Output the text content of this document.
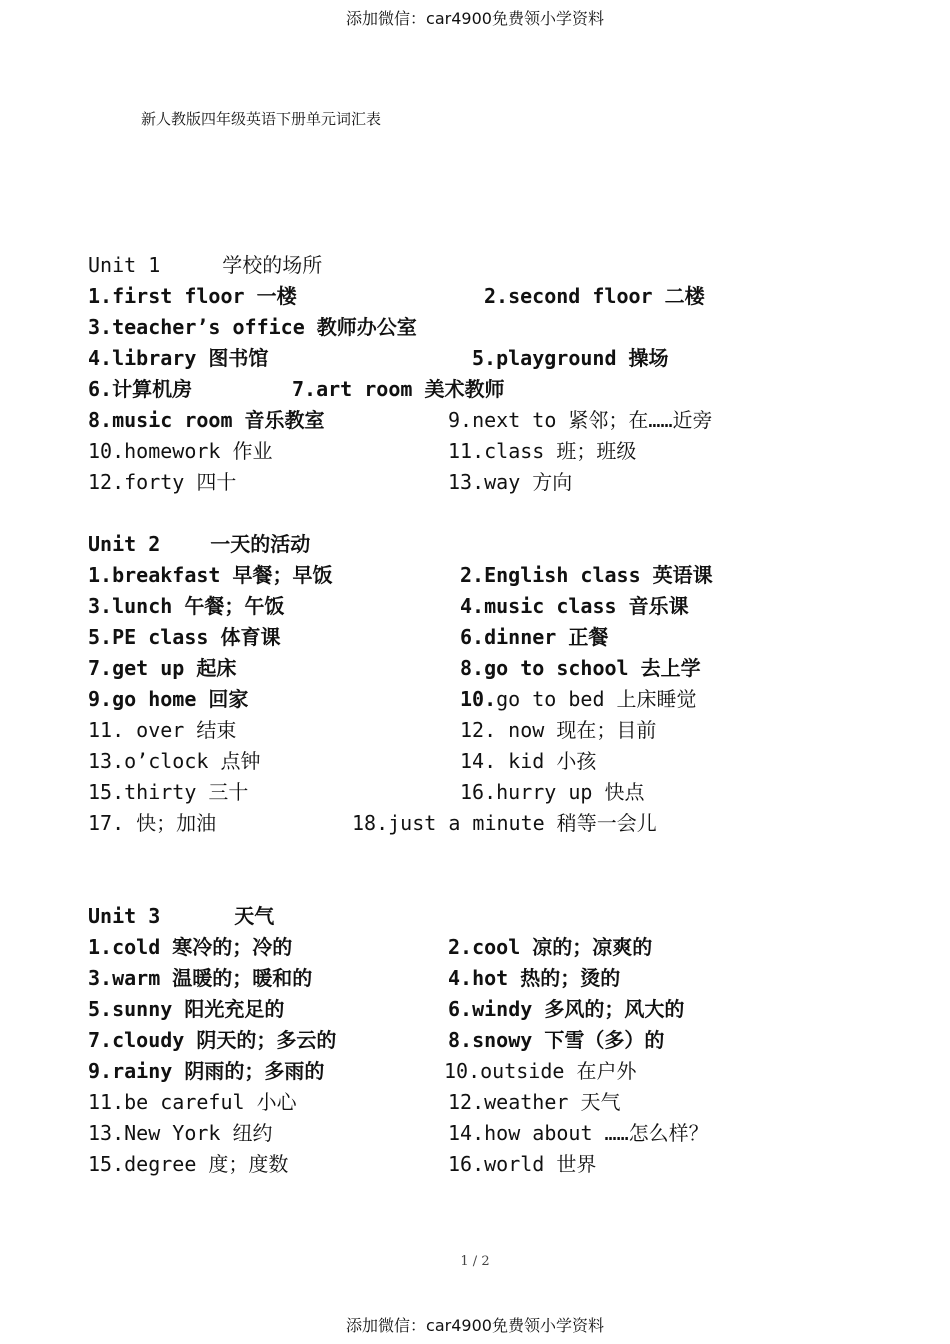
添加微信：car4900免费领小学资料
新人教版四年级英语下册单元词汇表
Unit 1	学校的场所
1.first floor 一楼	2.second floor 二楼
3.teacher’s office 教师办公室
4.library 图书馆	5.playground 操场
6.计算机房	7.art room 美术教师
8.music room 音乐教室	9.next to 紧邻；在……近旁
10.homework 作业	11.class 班；班级
12.forty 四十	13.way 方向
Unit 2	一天的活动
1.breakfast 早餐；早饭	2.English class 英语课
3.lunch 午餐；午饭	4.music class 音乐课
5.PE class 体育课	6.dinner 正餐
7.get up 起床	8.go to school 去上学
9.go home 回家	10.go to bed 上床睡觉
11. over 结束	12. now 现在；目前
13.o’clock 点钟	14. kid 小孩
15.thirty 三十	16.hurry up 快点
17. 快；加油	18.just a minute 稍等一会儿
Unit 3	天气
1.cold 寒冷的；冷的	2.cool 凉的；凉爽的
3.warm 温暖的；暖和的	4.hot 热的；烫的
5.sunny 阳光充足的	6.windy 多风的；风大的
7.cloudy 阴天的；多云的	8.snowy 下雪（多）的
9.rainy 阴雨的；多雨的	10.outside 在户外
11.be careful 小心	12.weather 天气
13.New York 纽约	14.how about ……怎么样？
15.degree 度；度数	16.world 世界
1 / 2
添加微信：car4900免费领小学资料
